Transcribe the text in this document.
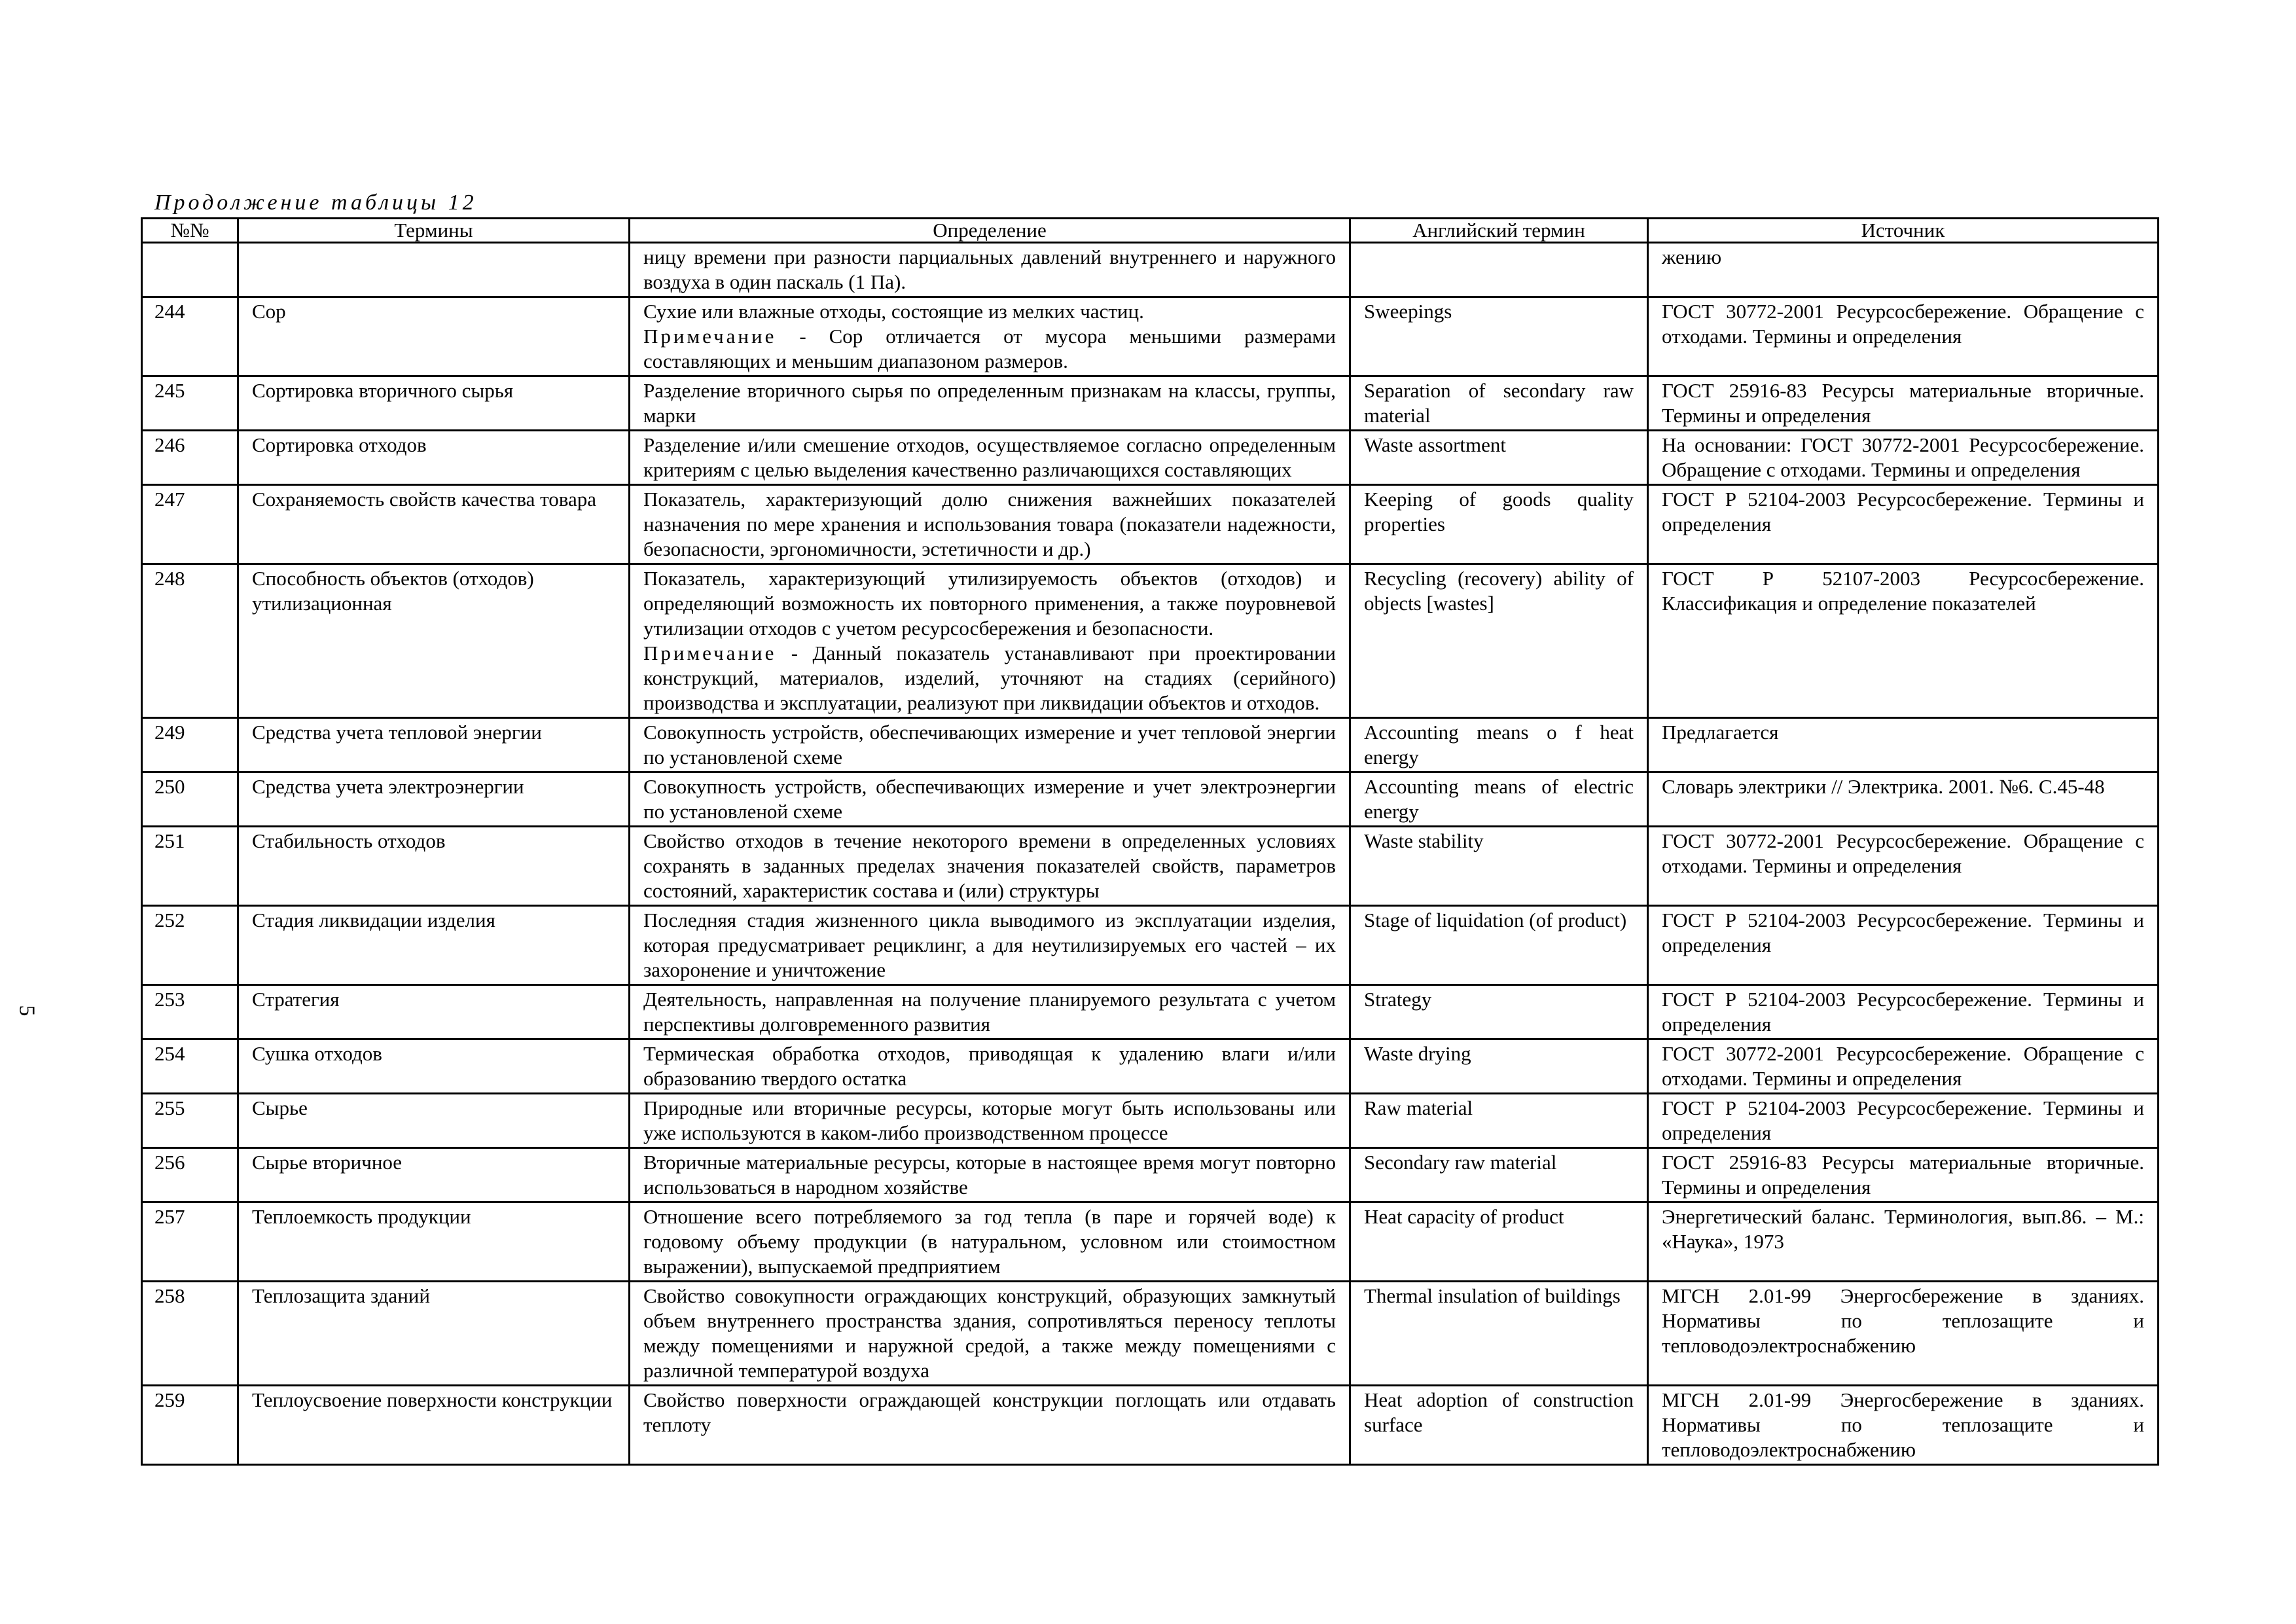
Продолжение таблицы 12
5
№№	Термины	Определение	Английский термин	Источник

		ницу времени при разности парциальных давлений внутреннего и наружного воздуха в один паскаль (1 Па).		жению
244	Сор	Сухие или влажные отходы, состоящие из мелких частиц.
Примечание - Сор отличается от мусора меньшими размерами составляющих и меньшим диапазоном размеров.	Sweepings	ГОСТ 30772-2001 Ресурсосбережение. Обращение с отходами. Термины и определения
245	Сортировка вторичного сырья	Разделение вторичного сырья по определенным признакам на классы, группы, марки	Separation of secondary raw material	ГОСТ 25916-83 Ресурсы материальные вторичные. Термины и определения
246	Сортировка отходов	Разделение и/или смешение отходов, осуществляемое согласно определенным критериям с целью выделения качественно различающихся составляющих	Waste assortment	На основании: ГОСТ 30772-2001 Ресурсосбережение. Обращение с отходами. Термины и определения
247	Сохраняемость свойств качества товара	Показатель, характеризующий долю снижения важнейших показателей назначения по мере хранения и использования товара (показатели надежности, безопасности, эргономичности, эстетичности и др.)	Keeping of goods quality properties	ГОСТ Р 52104-2003 Ресурсосбережение. Термины и определения
248	Способность объектов (отходов) утилизационная	Показатель, характеризующий утилизируемость объектов (отходов) и определяющий возможность их повторного применения, а также поуровневой утилизации отходов с учетом ресурсосбережения и безопасности.
Примечание - Данный показатель устанавливают при проектировании конструкций, материалов, изделий, уточняют на стадиях (серийного) производства и эксплуатации, реализуют при ликвидации объектов и отходов.	Recycling (recovery) ability of objects [wastes]	ГОСТ Р 52107-2003 Ресурсосбережение. Классификация и определение показателей
249	Средства учета тепловой энергии	Совокупность устройств, обеспечивающих измерение и учет тепловой энергии по установленой схеме	Accounting means o f heat energy	Предлагается
250	Средства учета электроэнергии	Совокупность устройств, обеспечивающих измерение и учет электроэнергии по установленой схеме	Accounting means of electric energy	Словарь электрики // Электрика. 2001. №6. С.45-48
251	Стабильность отходов	Свойство отходов в течение некоторого времени в определенных условиях сохранять в заданных пределах значения показателей свойств, параметров состояний, характеристик состава и (или) структуры	Waste stability	ГОСТ 30772-2001 Ресурсосбережение. Обращение с отходами. Термины и определения
252	Стадия ликвидации изделия	Последняя стадия жизненного цикла выводимого из эксплуатации изделия, которая предусматривает рециклинг, а для неутилизируемых его частей – их захоронение и уничтожение	Stage of liquidation (of product)	ГОСТ Р 52104-2003 Ресурсосбережение. Термины и определения
253	Стратегия	Деятельность, направленная на получение планируемого результата с учетом перспективы долговременного развития	Strategy	ГОСТ Р 52104-2003 Ресурсосбережение. Термины и определения
254	Сушка отходов	Термическая обработка отходов, приводящая к удалению влаги и/или образованию твердого остатка	Waste drying	ГОСТ 30772-2001 Ресурсосбережение. Обращение с отходами. Термины и определения
255	Сырье	Природные или вторичные ресурсы, которые могут быть использованы или уже используются в каком-либо производственном процессе	Raw material	ГОСТ Р 52104-2003 Ресурсосбережение. Термины и определения
256	Сырье вторичное	Вторичные материальные ресурсы, которые в настоящее время могут повторно использоваться в народном хозяйстве	Secondary raw material	ГОСТ 25916-83 Ресурсы материальные вторичные. Термины и определения
257	Теплоемкость продукции	Отношение всего потребляемого за год тепла (в паре и горячей воде) к годовому объему продукции (в натуральном, условном или стоимостном выражении), выпускаемой предприятием	Heat capacity of product	Энергетический баланс. Терминология, вып.86. – М.: «Наука», 1973
258	Теплозащита зданий	Свойство совокупности ограждающих конструкций, образующих замкнутый объем внутреннего пространства здания, сопротивляться переносу теплоты между помещениями и наружной средой, а также между помещениями с различной температурой воздуха	Thermal insulation of buildings	МГСН 2.01-99 Энергосбережение в зданиях. Нормативы по теплозащите и тепловодоэлектроснабжению
259	Теплоусвоение поверхности конструкции	Свойство поверхности ограждающей конструкции поглощать или отдавать теплоту	Heat adoption of construction surface	МГСН 2.01-99 Энергосбережение в зданиях. Нормативы по теплозащите и тепловодоэлектроснабжению
